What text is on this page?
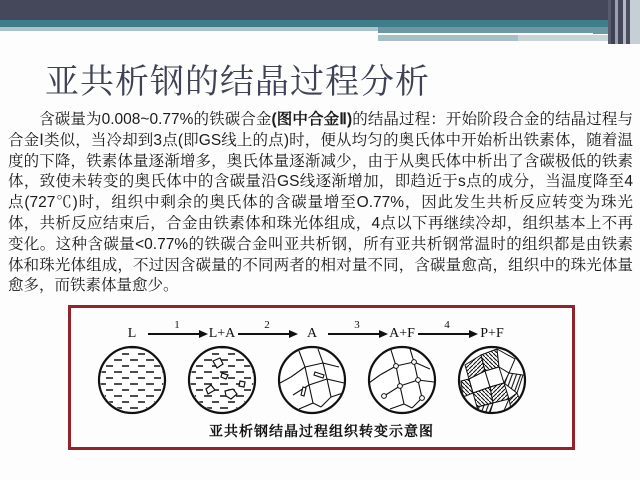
亚共析钢的结晶过程分析
　　含碳量为0.008~0.77%的铁碳合金(图中合金Ⅱ)的结晶过程：开始阶段合金的结晶过程与合金Ⅰ类似，当冷却到3点(即GS线上的点)时，便从均匀的奥氏体中开始析出铁素体，随着温度的下降，铁素体量逐渐增多，奥氏体量逐渐减少，由于从奥氏体中析出了含碳极低的铁素体，致使未转变的奥氏体中的含碳量沿GS线逐渐增加，即趋近于s点的成分，当温度降至4点(727℃)时，组织中剩余的奥氏体的含碳量增至O.77%，因此发生共析反应转变为珠光体，共析反应结束后，合金由铁素体和珠光体组成，4点以下再继续冷却，组织基本上不再变化。这种含碳量<0.77%的铁碳合金叫亚共析钢，所有亚共析钢常温时的组织都是由铁素体和珠光体组成，不过因含碳量的不同两者的相对量不同，含碳量愈高，组织中的珠光体量愈多，而铁素体量愈少。
L	L+A	A	A+F	P+F
1	2	3	4
亚共析钢结晶过程组织转变示意图
